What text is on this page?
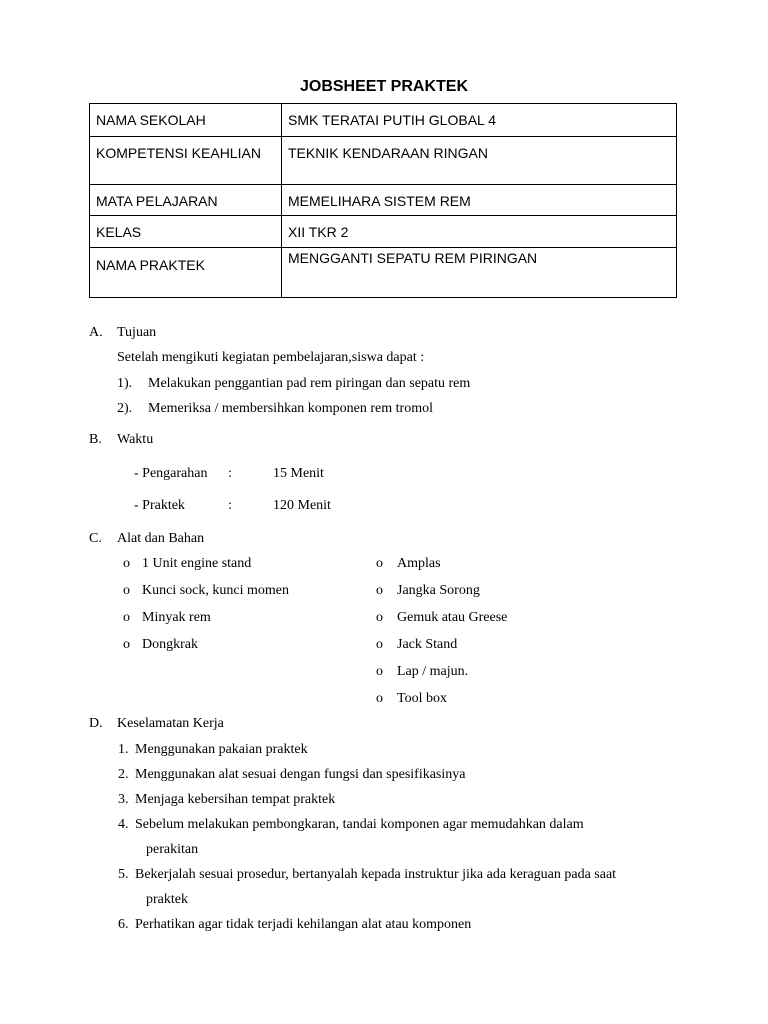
JOBSHEET PRAKTEK
NAMA SEKOLAH	SMK TERATAI PUTIH GLOBAL 4
KOMPETENSI KEAHLIAN	TEKNIK KENDARAAN RINGAN
MATA PELAJARAN	MEMELIHARA SISTEM REM
KELAS	XII TKR 2
NAMA PRAKTEK	MENGGANTI SEPATU REM PIRINGAN
A. Tujuan
Setelah mengikuti kegiatan pembelajaran,siswa dapat :
1). Melakukan penggantian pad rem piringan dan sepatu rem
2). Memeriksa / membersihkan komponen rem tromol
B. Waktu
- Pengarahan :	15 Menit
- Praktek	:	120 Menit
C. Alat dan Bahan
o 1 Unit engine stand
o Kunci sock, kunci momen
o Minyak rem
o Dongkrak
o Amplas
o Jangka Sorong
o Gemuk atau Greese
o Jack Stand
o Lap / majun.
o Tool box
D. Keselamatan Kerja
1. Menggunakan pakaian praktek
2. Menggunakan alat sesuai dengan fungsi dan spesifikasinya
3. Menjaga kebersihan tempat praktek
4. Sebelum melakukan pembongkaran, tandai komponen agar memudahkan dalam
perakitan
5. Bekerjalah sesuai prosedur, bertanyalah kepada instruktur jika ada keraguan pada saat
praktek
6. Perhatikan agar tidak terjadi kehilangan alat atau komponen
